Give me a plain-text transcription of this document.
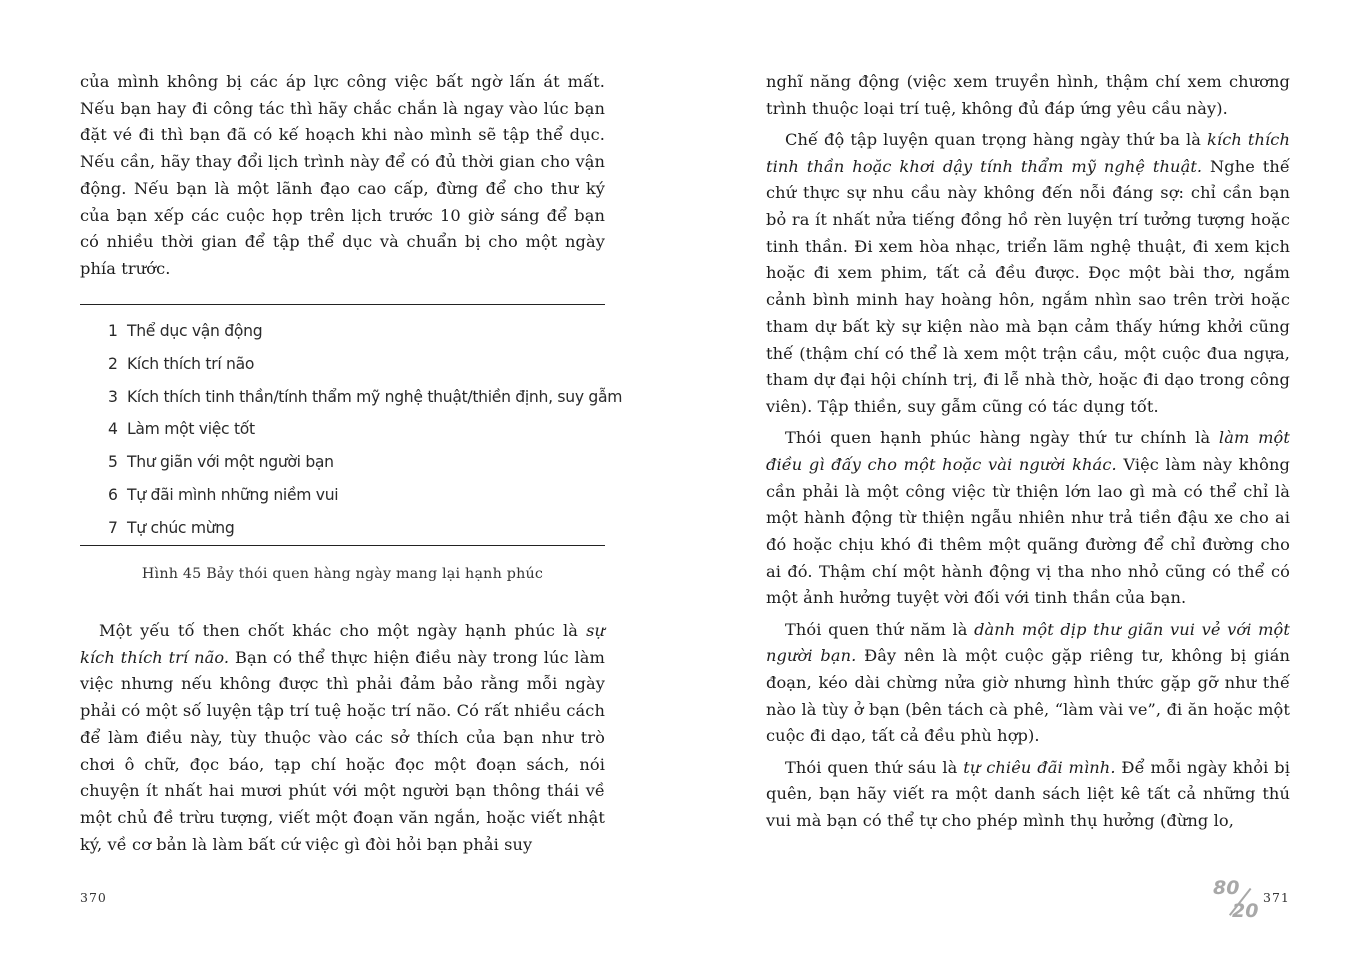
của mình không bị các áp lực công việc bất ngờ lấn át mất. Nếu bạn hay đi công tác thì hãy chắc chắn là ngay vào lúc bạn đặt vé đi thì bạn đã có kế hoạch khi nào mình sẽ tập thể dục. Nếu cần, hãy thay đổi lịch trình này để có đủ thời gian cho vận động. Nếu bạn là một lãnh đạo cao cấp, đừng để cho thư ký của bạn xếp các cuộc họp trên lịch trước 10 giờ sáng để bạn có nhiều thời gian để tập thể dục và chuẩn bị cho một ngày phía trước.

1 Thể dục vận động
2 Kích thích trí não
3 Kích thích tinh thần/tính thẩm mỹ nghệ thuật/thiền định, suy gẫm
4 Làm một việc tốt
5 Thư giãn với một người bạn
6 Tự đãi mình những niềm vui
7 Tự chúc mừng
Hình 45 Bảy thói quen hàng ngày mang lại hạnh phúc

Một yếu tố then chốt khác cho một ngày hạnh phúc là sự kích thích trí não. Bạn có thể thực hiện điều này trong lúc làm việc nhưng nếu không được thì phải đảm bảo rằng mỗi ngày phải có một số luyện tập trí tuệ hoặc trí não. Có rất nhiều cách để làm điều này, tùy thuộc vào các sở thích của bạn như trò chơi ô chữ, đọc báo, tạp chí hoặc đọc một đoạn sách, nói chuyện ít nhất hai mươi phút với một người bạn thông thái về một chủ đề trừu tượng, viết một đoạn văn ngắn, hoặc viết nhật ký, về cơ bản là làm bất cứ việc gì đòi hỏi bạn phải suy

370

nghĩ năng động (việc xem truyền hình, thậm chí xem chương trình thuộc loại trí tuệ, không đủ đáp ứng yêu cầu này).

Chế độ tập luyện quan trọng hàng ngày thứ ba là kích thích tinh thần hoặc khơi dậy tính thẩm mỹ nghệ thuật. Nghe thế chứ thực sự nhu cầu này không đến nỗi đáng sợ: chỉ cần bạn bỏ ra ít nhất nửa tiếng đồng hồ rèn luyện trí tưởng tượng hoặc tinh thần. Đi xem hòa nhạc, triển lãm nghệ thuật, đi xem kịch hoặc đi xem phim, tất cả đều được. Đọc một bài thơ, ngắm cảnh bình minh hay hoàng hôn, ngắm nhìn sao trên trời hoặc tham dự bất kỳ sự kiện nào mà bạn cảm thấy hứng khởi cũng thế (thậm chí có thể là xem một trận cầu, một cuộc đua ngựa, tham dự đại hội chính trị, đi lễ nhà thờ, hoặc đi dạo trong công viên). Tập thiền, suy gẫm cũng có tác dụng tốt.

Thói quen hạnh phúc hàng ngày thứ tư chính là làm một điều gì đấy cho một hoặc vài người khác. Việc làm này không cần phải là một công việc từ thiện lớn lao gì mà có thể chỉ là một hành động từ thiện ngẫu nhiên như trả tiền đậu xe cho ai đó hoặc chịu khó đi thêm một quãng đường để chỉ đường cho ai đó. Thậm chí một hành động vị tha nho nhỏ cũng có thể có một ảnh hưởng tuyệt vời đối với tinh thần của bạn.

Thói quen thứ năm là dành một dịp thư giãn vui vẻ với một người bạn. Đây nên là một cuộc gặp riêng tư, không bị gián đoạn, kéo dài chừng nửa giờ nhưng hình thức gặp gỡ như thế nào là tùy ở bạn (bên tách cà phê, “làm vài ve”, đi ăn hoặc một cuộc đi dạo, tất cả đều phù hợp).

Thói quen thứ sáu là tự chiêu đãi mình. Để mỗi ngày khỏi bị quên, bạn hãy viết ra một danh sách liệt kê tất cả những thú vui mà bạn có thể tự cho phép mình thụ hưởng (đừng lo,

80
20
371
